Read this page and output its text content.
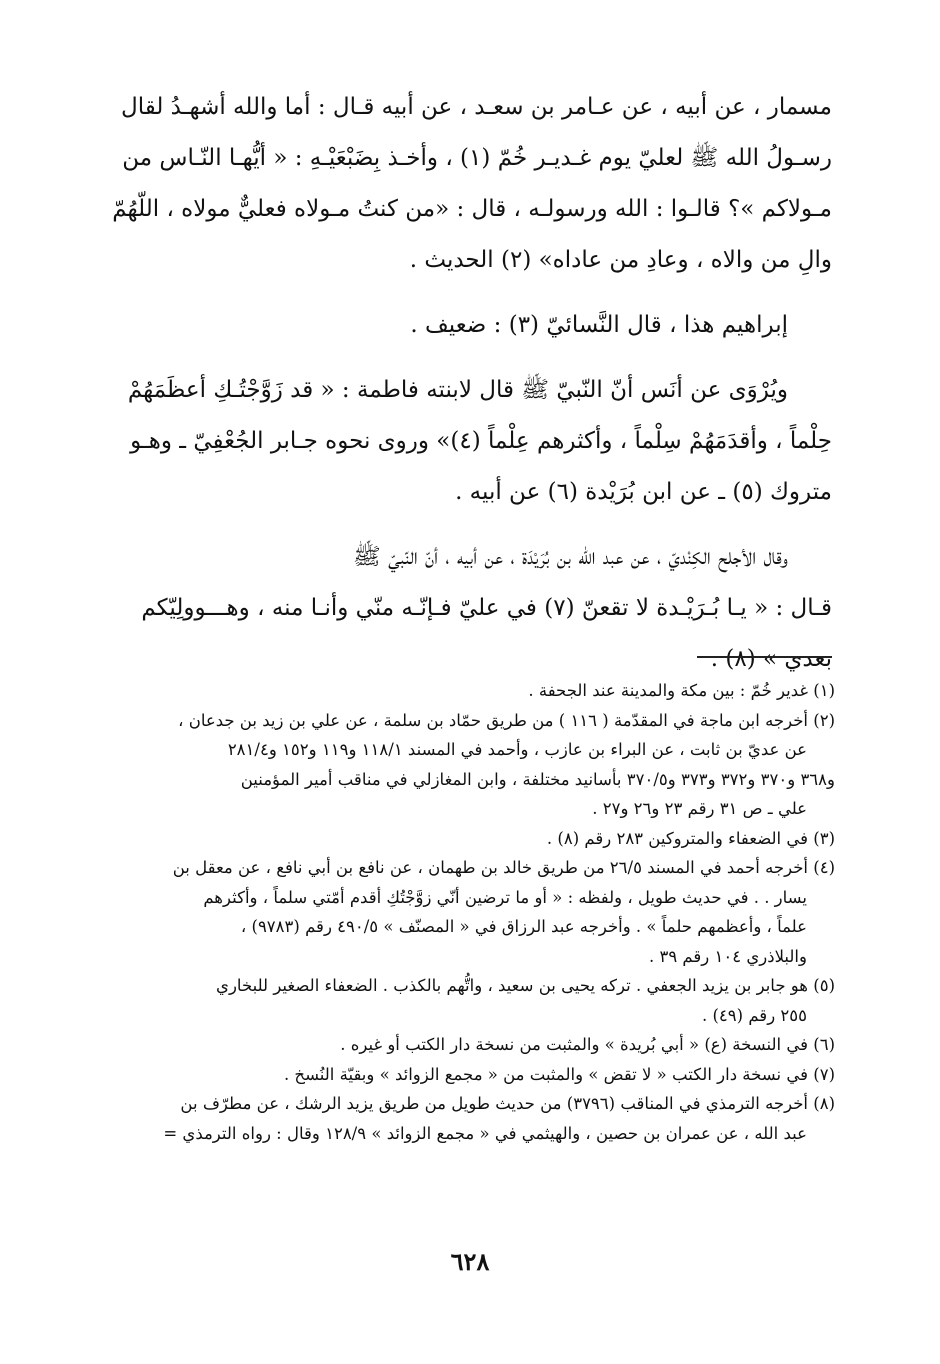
مسمار ، عن أبيه ، عن عـامر بن سعـد ، عن أبيه قـال : أما والله أشهـدُ لقال
رسـولُ الله ﷺ لعليّ يوم غـديـر خُمّ (١) ، وأخـذ بِضَبْعَيْـهِ : « أيُّهـا النّـاس من
مـولاكم »؟ قالـوا : الله ورسولـه ، قال : «من كنتُ مـولاه فعليٌّ مولاه ، اللّهُمّ
والِ من والاه ، وعادِ من عاداه» (٢) الحديث .
إبراهيم هذا ، قال النَّسائيّ (٣) : ضعيف .
ويُرْوَى عن أنَس أنّ النّبيّ ﷺ قال لابنته فاطمة : « قد زَوَّجْتُـكِ أعظَمَهُمْ
حِلْماً ، وأقدَمَهُمْ سِلْماً ، وأكثرهم عِلْماً (٤)» وروى نحوه جـابر الجُعْفِيّ ـ وهـو
متروك (٥) ـ عن ابن بُرَيْدة (٦) عن أبيه .
وقال الأجلح الكِنْديّ ، عن عبد الله بن بُرَيْدَة ، عن أبيه ، أنّ النّبيّ ﷺ
قـال : « يـا بُـرَيْـدة لا تقعنّ (٧) في عليّ فـإنّـه منّي وأنـا منه ، وهـــوولِيّكم
بعدي » (٨) .
(١) غدير خُمّ : بين مكة والمدينة عند الجحفة .
(٢) أخرجه ابن ماجة في المقدّمة ( ١١٦ ) من طريق حمّاد بن سلمة ، عن علي بن زيد بن جدعان ،
عن عديّ بن ثابت ، عن البراء بن عازب ، وأحمد في المسند ١١٨/١ و١١٩ و١٥٢ و٢٨١/٤
و٣٦٨ و٣٧٠ و٣٧٢ و٣٧٣ و٣٧٠/٥ بأسانيد مختلفة ، وابن المغازلي في مناقب أمير المؤمنين
علي ـ ص ٣١ رقم ٢٣ و٢٦ و٢٧ .
(٣) في الضعفاء والمتروكين ٢٨٣ رقم (٨) .
(٤) أخرجه أحمد في المسند ٢٦/٥ من طريق خالد بن طهمان ، عن نافع بن أبي نافع ، عن معقل بن
يسار . . في حديث طويل ، ولفظه : « أو ما ترضين أنّي زوَّجْتُكِ أقدم أمّتي سلماً ، وأكثرهم
علماً ، وأعظمهم حلماً » . وأخرجه عبد الرزاق في « المصنّف » ٤٩٠/٥ رقم (٩٧٨٣) ،
والبلاذري ١٠٤ رقم ٣٩ .
(٥) هو جابر بن يزيد الجعفي . تركه يحيى بن سعيد ، واتُّهم بالكذب . الضعفاء الصغير للبخاري
٢٥٥ رقم (٤٩) .
(٦) في النسخة (ع) « أبي بُريدة » والمثبت من نسخة دار الكتب أو غيره .
(٧) في نسخة دار الكتب « لا تقض » والمثبت من « مجمع الزوائد » وبقيّة النُسخ .
(٨) أخرجه الترمذي في المناقب (٣٧٩٦) من حديث طويل من طريق يزيد الرشك ، عن مطرّف بن
عبد الله ، عن عمران بن حصين ، والهيثمي في « مجمع الزوائد » ١٢٨/٩ وقال : رواه الترمذي =
٦٢٨
